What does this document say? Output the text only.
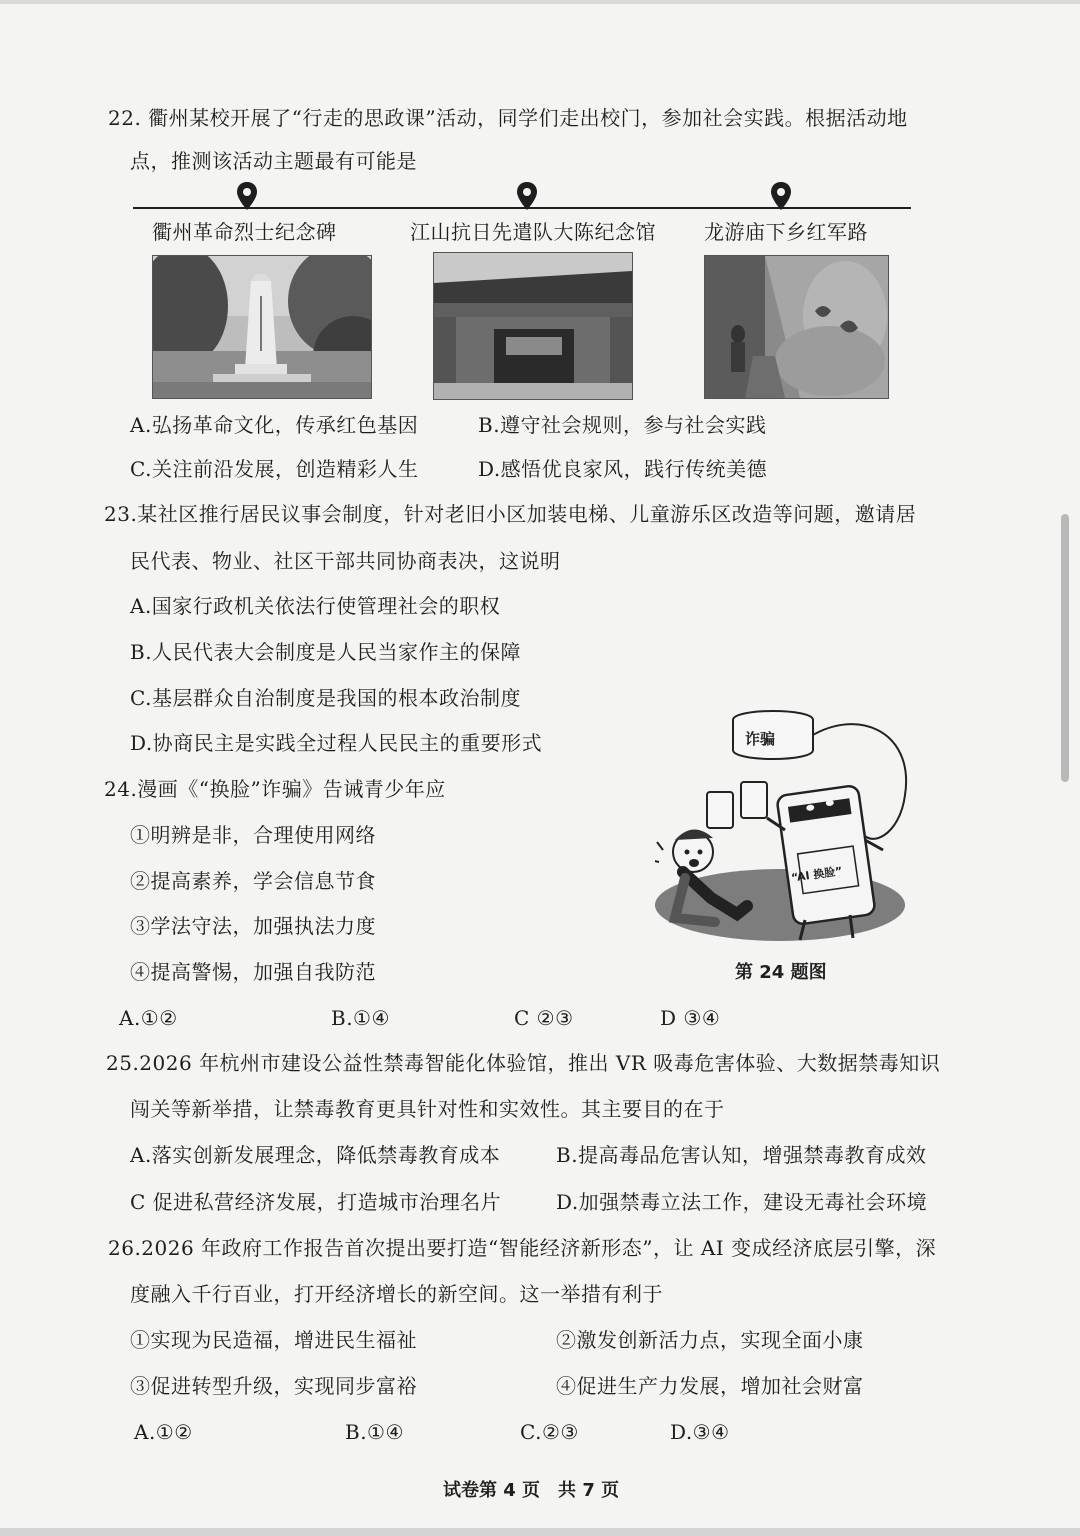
22. 衢州某校开展了“行走的思政课”活动，同学们走出校门，参加社会实践。根据活动地
点，推测该活动主题最有可能是
衢州革命烈士纪念碑	江山抗日先遣队大陈纪念馆 龙游庙下乡红军路
A.弘扬革命文化，传承红色基因	B.遵守社会规则，参与社会实践
C.关注前沿发展，创造精彩人生	D.感悟优良家风，践行传统美德
23.某社区推行居民议事会制度，针对老旧小区加装电梯、儿童游乐区改造等问题，邀请居
民代表、物业、社区干部共同协商表决，这说明
A.国家行政机关依法行使管理社会的职权
B.人民代表大会制度是人民当家作主的保障
C.基层群众自治制度是我国的根本政治制度
D.协商民主是实践全过程人民民主的重要形式
24.漫画《“换脸”诈骗》告诫青少年应
①明辨是非，合理使用网络
②提高素养，学会信息节食
③学法守法，加强执法力度
④提高警惕，加强自我防范
诈骗
“AI 换脸”
第 24 题图
A.①②	B.①④	C ②③	D ③④
25.2026 年杭州市建设公益性禁毒智能化体验馆，推出 VR 吸毒危害体验、大数据禁毒知识
闯关等新举措，让禁毒教育更具针对性和实效性。其主要目的在于
A.落实创新发展理念，降低禁毒教育成本	B.提高毒品危害认知，增强禁毒教育成效
C 促进私营经济发展，打造城市治理名片	D.加强禁毒立法工作，建设无毒社会环境
26.2026 年政府工作报告首次提出要打造“智能经济新形态”，让 AI 变成经济底层引擎，深
度融入千行百业，打开经济增长的新空间。这一举措有利于
①实现为民造福，增进民生福祉	②激发创新活力点，实现全面小康
③促进转型升级，实现同步富裕	④促进生产力发展，增加社会财富
A.①②	B.①④	C.②③	D.③④
试卷第 4 页　共 7 页
